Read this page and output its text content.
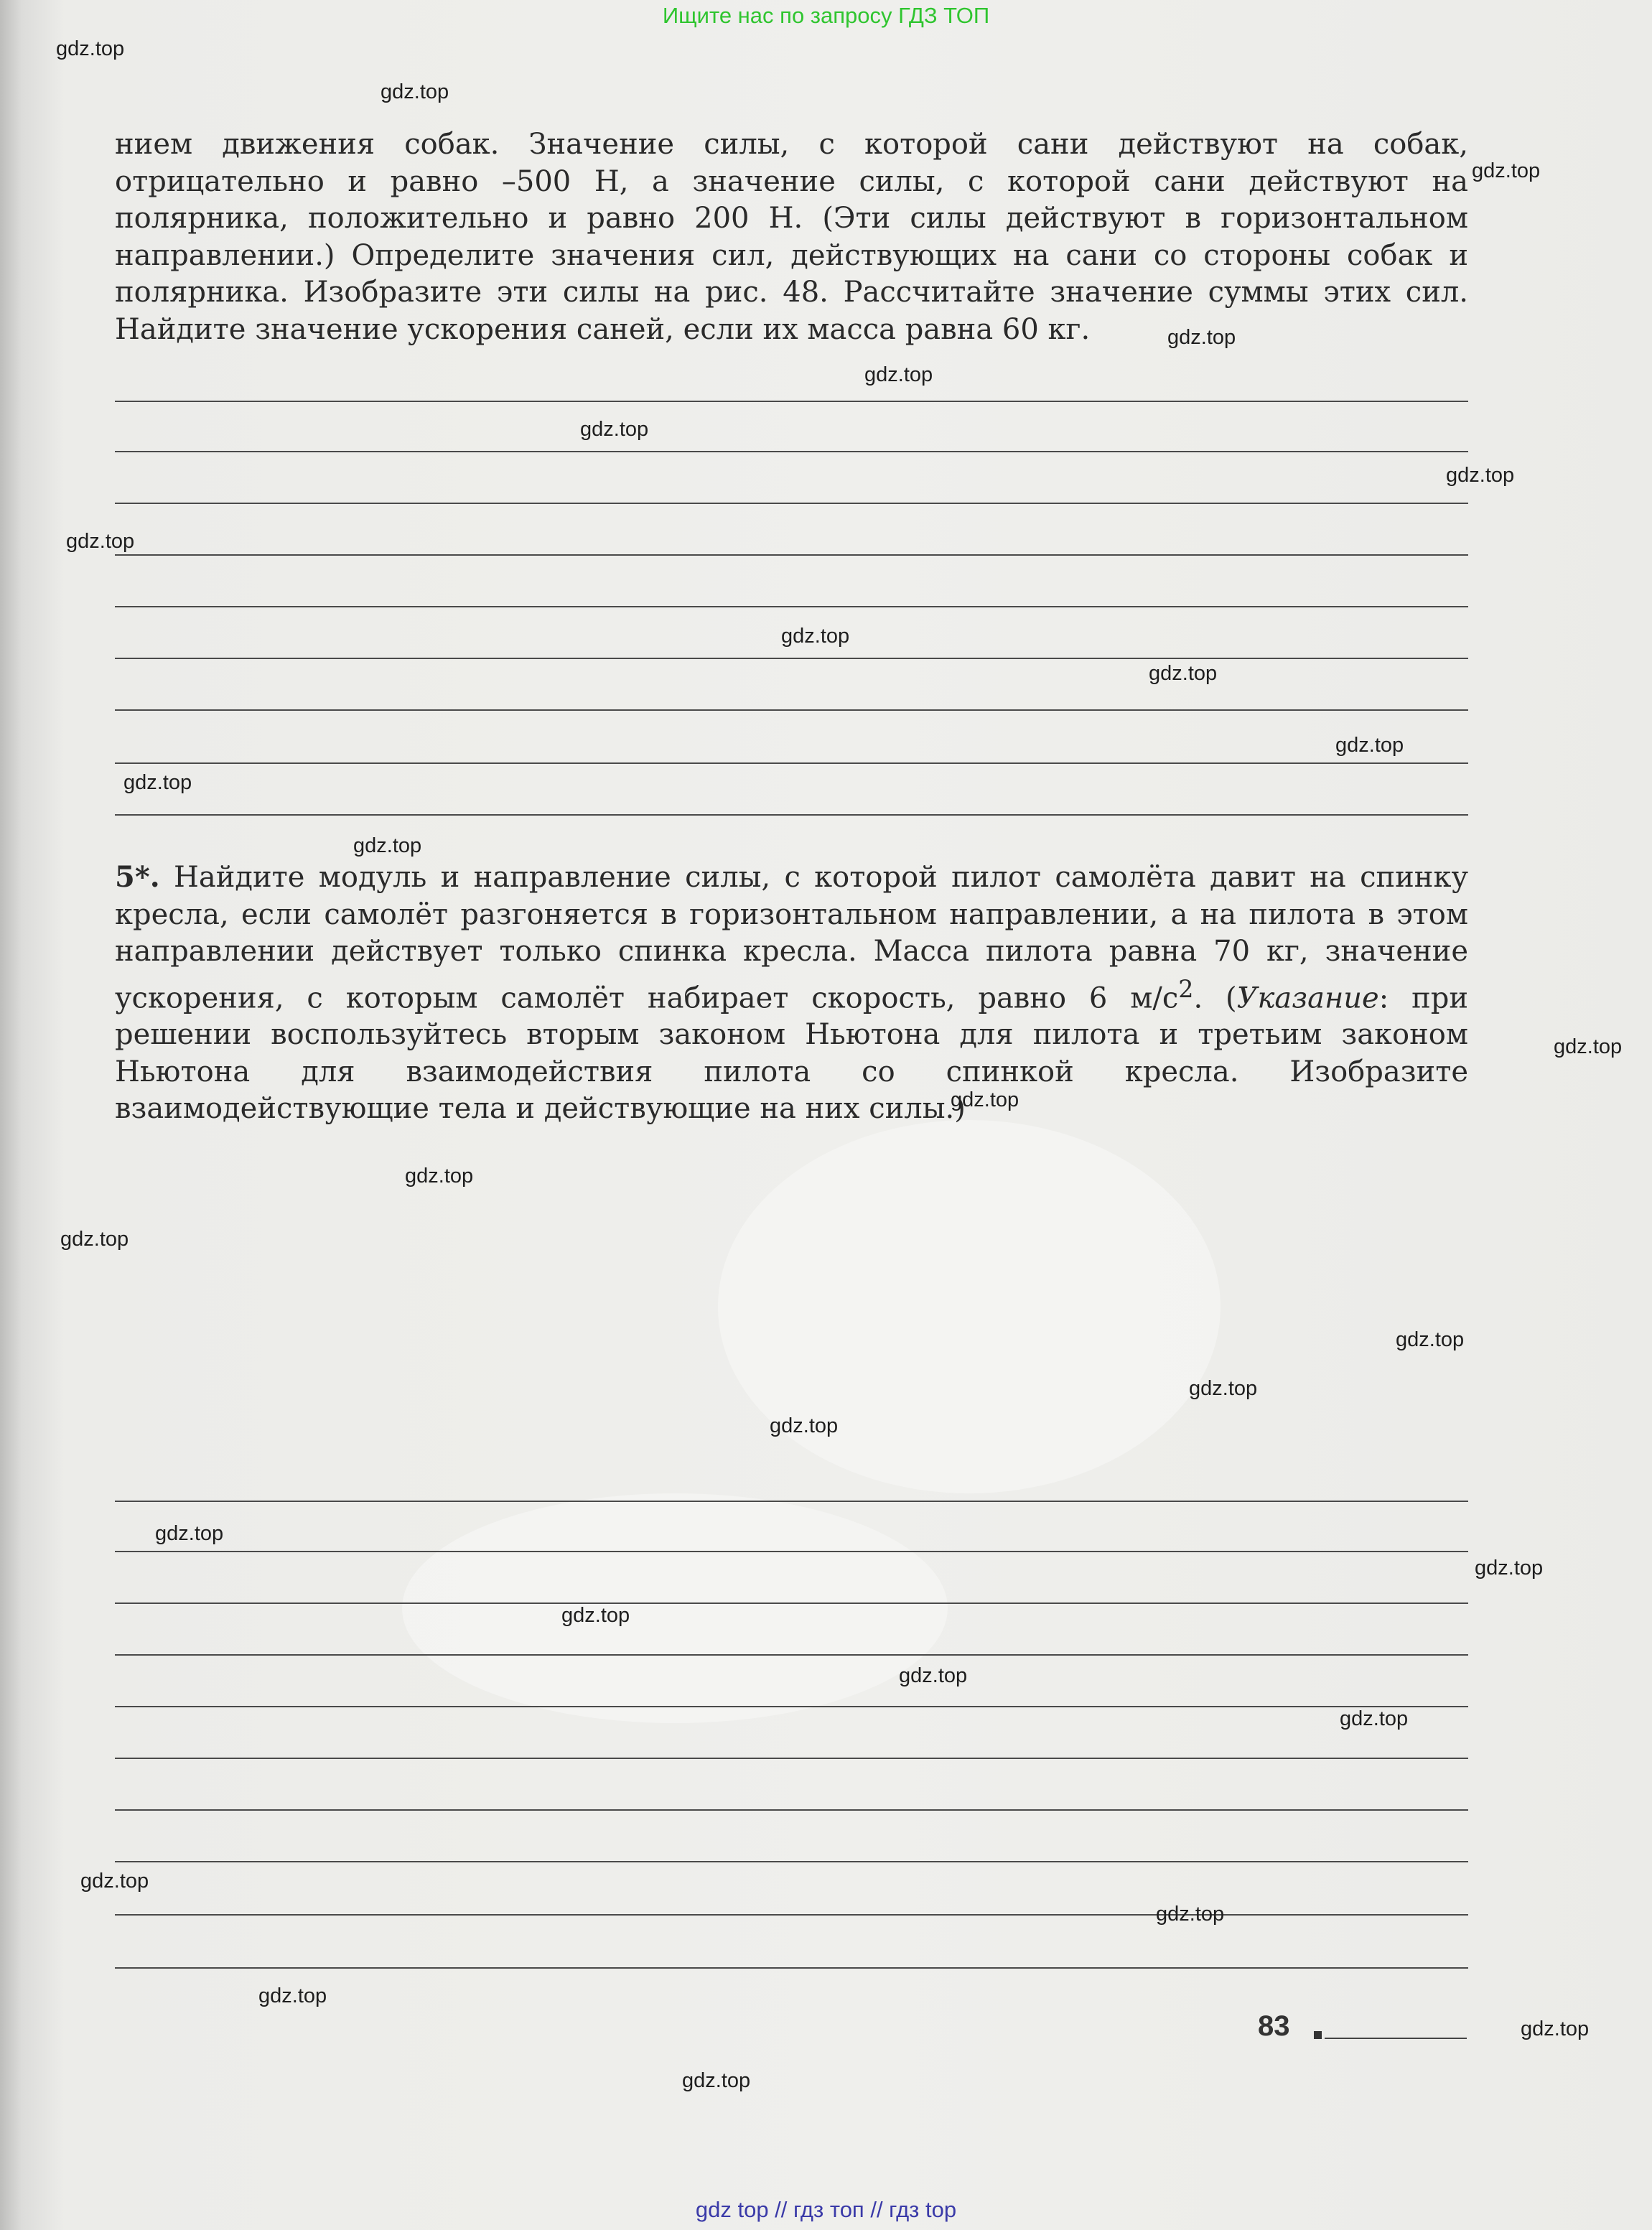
Ищите нас по запросу ГДЗ ТОП

нием движения собак. Значение силы, с которой сани действуют на собак, отрицательно и равно –500 Н, а значение силы, с которой сани действуют на полярника, положительно и равно 200 Н. (Эти силы действуют в горизонтальном направлении.) Определите значения сил, действующих на сани со стороны собак и полярника. Изобразите эти силы на рис. 48. Рассчитайте значение суммы этих сил. Найдите значение ускорения саней, если их масса равна 60 кг.

5*. Найдите модуль и направление силы, с которой пилот самолёта давит на спинку кресла, если самолёт разгоняется в горизонтальном направлении, а на пилота в этом направлении действует только спинка кресла. Масса пилота равна 70 кг, значение ускорения, с которым самолёт набирает скорость, равно 6 $м/с^2$. (Указание: при решении воспользуйтесь вторым законом Ньютона для пилота и третьим законом Ньютона для взаимодействия пилота со спинкой кресла. Изобразите взаимодействующие тела и действующие на них силы.)

83
gdz.top
gdz.top
gdz.top
gdz.top
gdz.top
gdz.top
gdz.top
gdz.top
gdz.top
gdz.top
gdz.top
gdz.top
gdz.top
gdz.top
gdz.top
gdz.top
gdz.top
gdz.top
gdz.top
gdz.top
gdz.top
gdz.top
gdz.top
gdz.top
gdz.top
gdz.top
gdz.top
gdz.top
gdz.top
gdz.top
gdz top // гдз топ // гдз top
